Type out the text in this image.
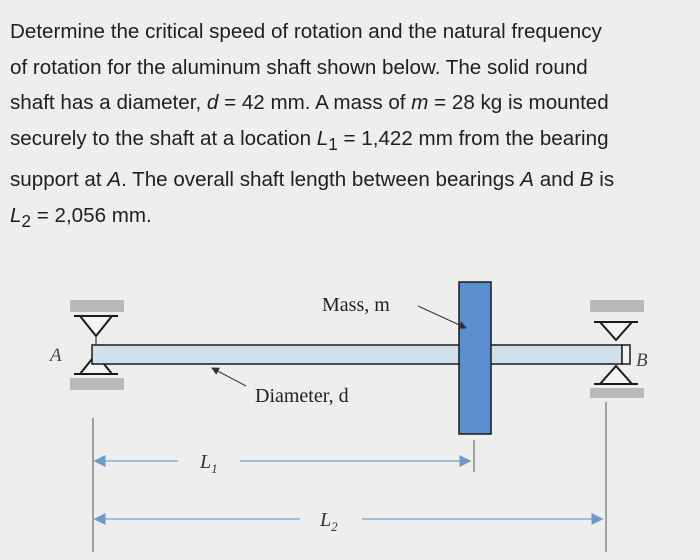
Determine the critical speed of rotation and the natural frequency

of rotation for the aluminum shaft shown below. The solid round

shaft has a diameter, d = 42 mm. A mass of m = 28 kg is mounted

securely to the shaft at a location $L_1 = 1,422$ mm from the bearing

support at A. The overall shaft length between bearings A and B is

$L_2 = 2,056$ mm.

A	B
Mass, m
Diameter, d
$L_1$
$L_2$
